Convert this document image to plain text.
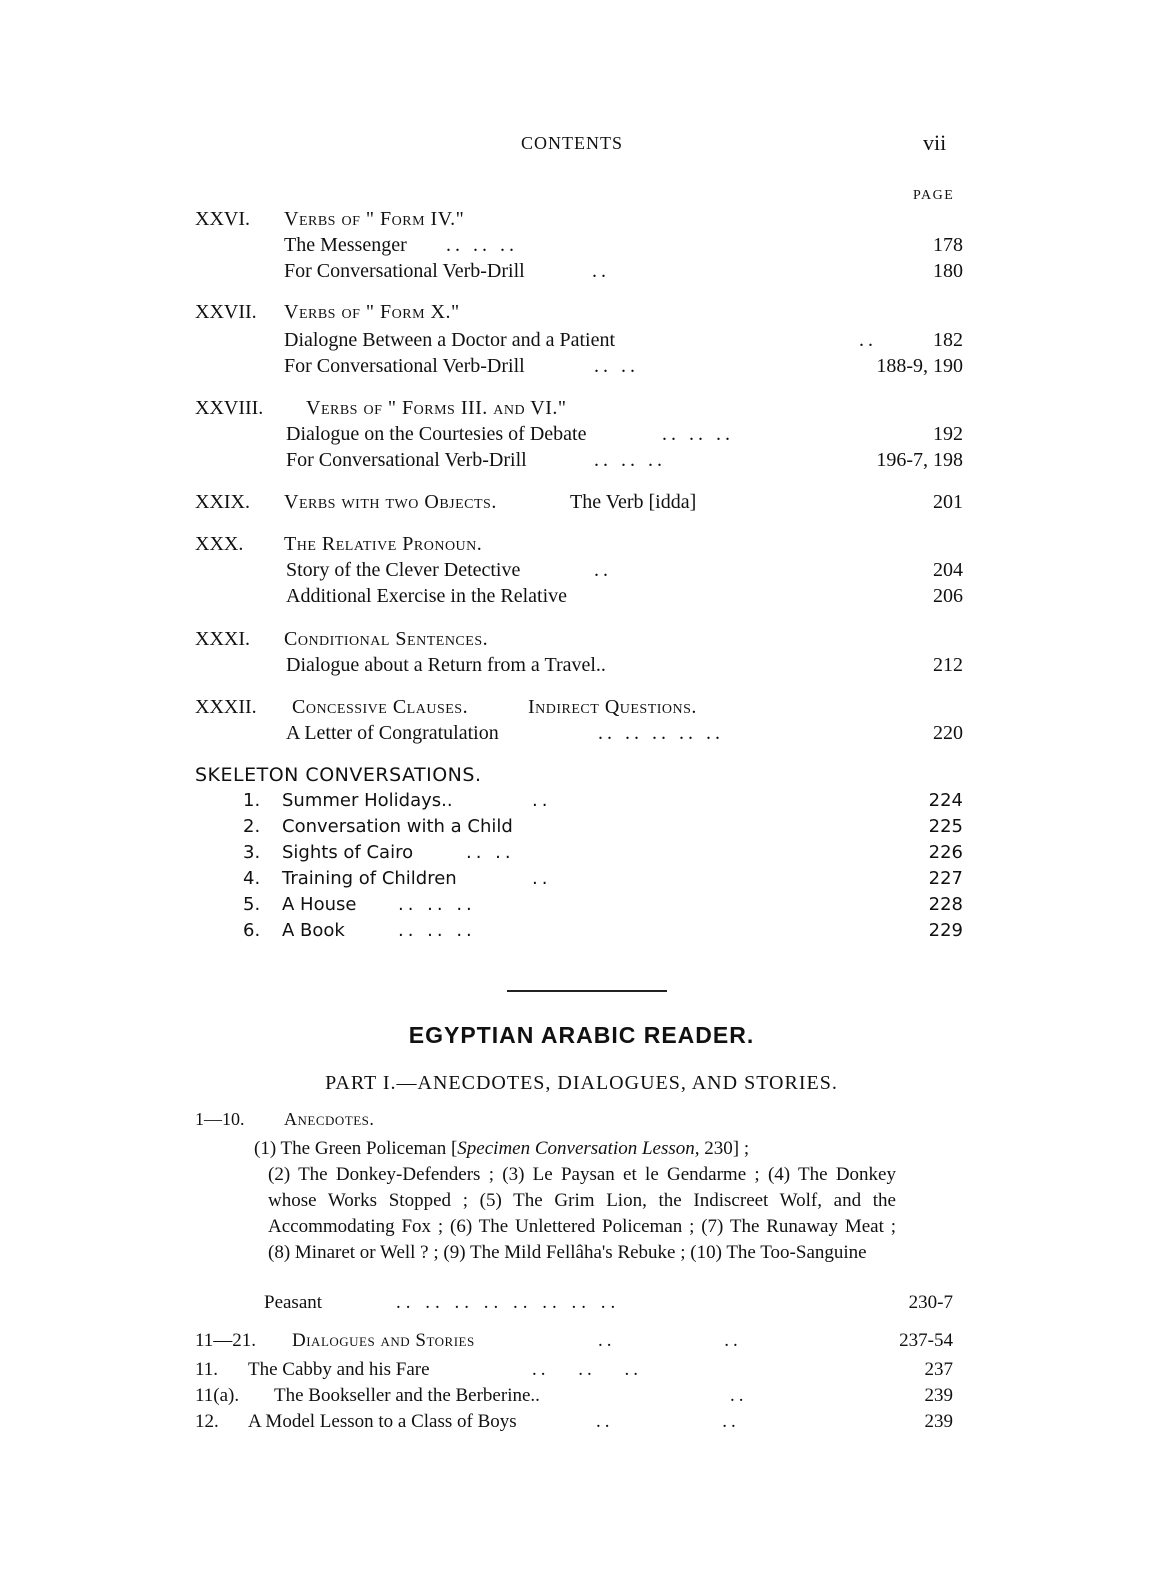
CONTENTS	vii
PAGE
XXVI. Verbs of " Form IV."
The Messenger .. .. ..	178
For Conversational Verb-Drill	..	180
XXVII. Verbs of " Form X."
Dialogne Between a Doctor and a Patient	..	182
For Conversational Verb-Drill	.. ..	188-9, 190
XXVIII. Verbs of " Forms III. and VI."
Dialogue on the Courtesies of Debate	.. .. ..	192
For Conversational Verb-Drill	.. .. ..	196-7, 198
XXIX. Verbs with two Objects.	The Verb [idda]	201
XXX. The Relative Pronoun.
Story of the Clever Detective	..	204
Additional Exercise in the Relative	206
XXXI. Conditional Sentences.
Dialogue about a Return from a Travel..	212
XXXII. Concessive Clauses.	Indirect Questions.
A Letter of Congratulation	.. .. .. .. ..	220
SKELETON CONVERSATIONS.
1. Summer Holidays..	..	224
2. Conversation with a Child	225
3. Sights of Cairo	.. ..	226
4. Training of Children	..	227
5. A House .. .. ..	228
6. A Book	.. .. ..	229
EGYPTIAN ARABIC READER.
PART I.—ANECDOTES, DIALOGUES, AND STORIES.
1—10. Anecdotes.
(1) The Green Policeman [Specimen Conversation Lesson, 230] ;
(2) The Donkey-Defenders ; (3) Le Paysan et le Gendarme ; (4) The Donkey whose Works Stopped ; (5) The Grim Lion, the Indiscreet Wolf, and the Accommodating Fox ; (6) The Unlettered Policeman ; (7) The Runaway Meat ; (8) Minaret or Well ? ; (9) The Mild Fellâha's Rebuke ; (10) The Too-Sanguine
Peasant	.. .. .. .. .. .. .. ..	230-7
11—21. Dialogues and Stories	.. ..	237-54
11. The Cabby and his Fare	.. .. ..	237
11(a). The Bookseller and the Berberine..	..	239
12. A Model Lesson to a Class of Boys	.. ..	239
